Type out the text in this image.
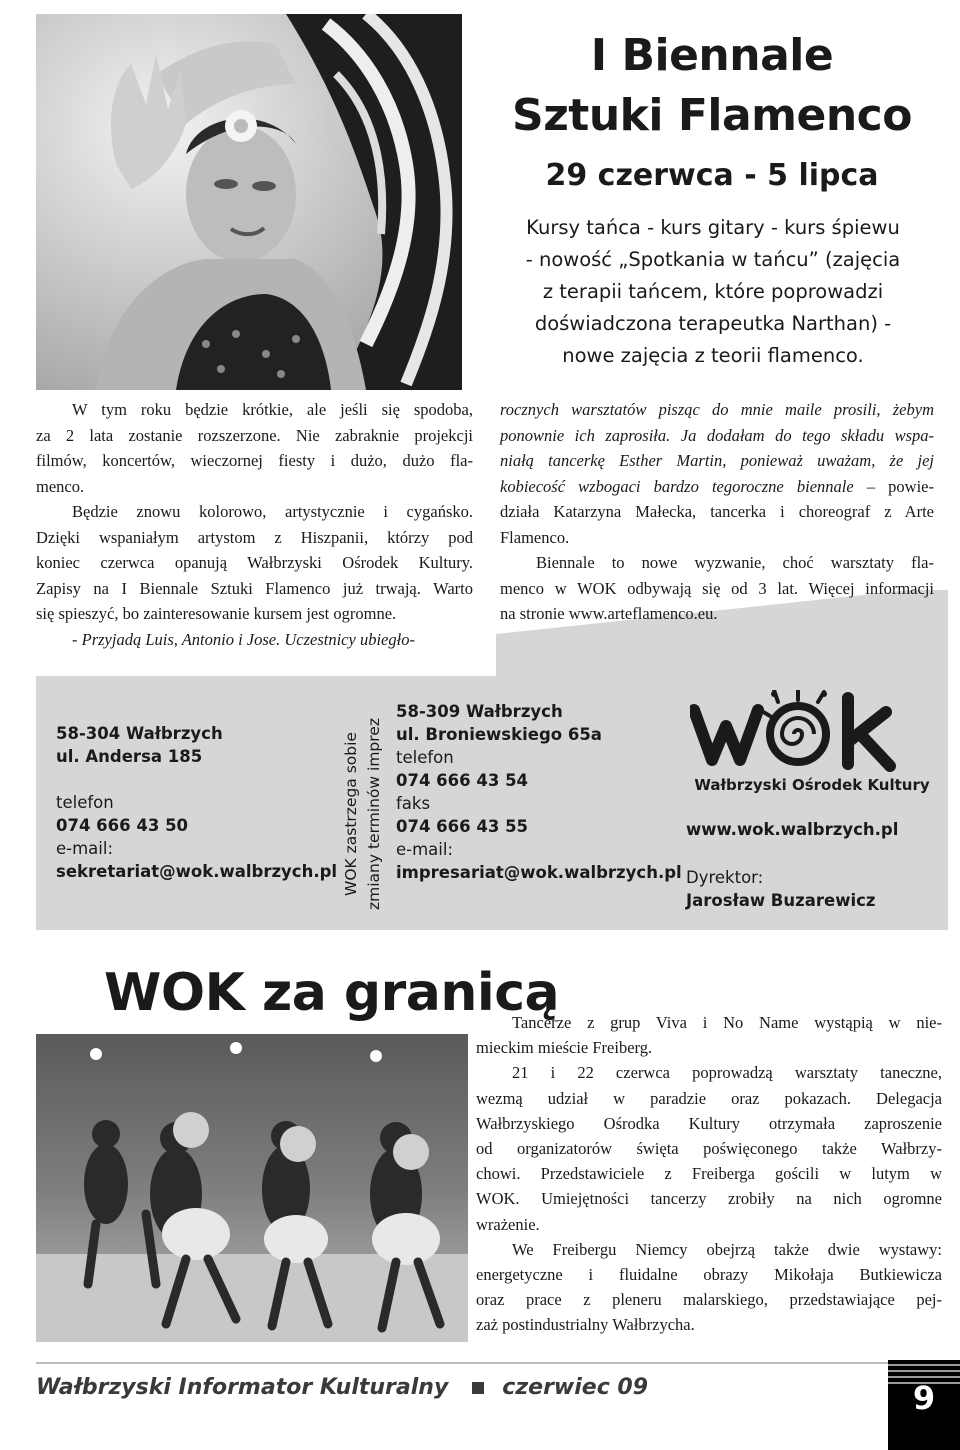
I Biennale
Sztuki Flamenco
29 czerwca - 5 lipca
Kursy tańca - kurs gitary - kurs śpiewu
- nowość „Spotkania w tańcu” (zajęcia
z terapii tańcem, które poprowadzi
doświadczona terapeutka Narthan) -
nowe zajęcia z teorii flamenco.

W tym roku będzie krótkie, ale jeśli się spodoba,

za 2 lata zostanie rozszerzone. Nie zabraknie projekcji
filmów, koncertów, wieczornej fiesty i dużo, dużo fla-
menco.

Będzie znowu kolorowo, artystycznie i cygańsko.

Dzięki wspaniałym artystom z Hiszpanii, którzy pod
koniec czerwca opanują Wałbrzyski Ośrodek Kultury.
Zapisy na I Biennale Sztuki Flamenco już trwają. Warto
się spieszyć, bo zainteresowanie kursem jest ogromne.

- Przyjadą Luis, Antonio i Jose. Uczestnicy ubiegło-

rocznych warsztatów pisząc do mnie maile prosili, żebym
ponownie ich zaprosiła. Ja dodałam do tego składu wspa-
niałą tancerkę Esther Martin, ponieważ uważam, że jej
kobiecość wzbogaci bardzo tegoroczne biennale – powie-
działa Katarzyna Małecka, tancerka i choreograf z Arte
Flamenco.

Biennale to nowe wyzwanie, choć warsztaty fla-

menco w WOK odbywają się od 3 lat. Więcej informacji
na stronie www.arteflamenco.eu.

58-304 Wałbrzych
ul. Andersa 185
telefon
074 666 43 50
e-mail:
sekretariat@wok.walbrzych.pl WOK zastrzega sobie zmiany terminów imprez
58-309 Wałbrzych
ul. Broniewskiego 65a
telefon
074 666 43 54
faks
074 666 43 55
e-mail:
impresariat@wok.walbrzych.pl
Wałbrzyski Ośrodek Kultury
www.wok.walbrzych.pl
Dyrektor:
Jarosław Buzarewicz
WOK za granicą

Tancerze z grup Viva i No Name wystąpią w nie-

mieckim mieście Freiberg.

21 i 22 czerwca poprowadzą warsztaty taneczne,

wezmą udział w paradzie oraz pokazach. Delegacja
Wałbrzyskiego Ośrodka Kultury otrzymała zaproszenie
od organizatorów święta poświęconego także Wałbrzy-
chowi. Przedstawiciele z Freiberga gościli w lutym w
WOK. Umiejętności tancerzy zrobiły na nich ogromne
wrażenie.

We Freibergu Niemcy obejrzą także dwie wystawy:

energetyczne i fluidalne obrazy Mikołaja Butkiewicza
oraz prace z pleneru malarskiego, przedstawiające pej-
zaż postindustrialny Wałbrzycha.

Wałbrzyski Informator Kulturalny czerwiec 09	9
